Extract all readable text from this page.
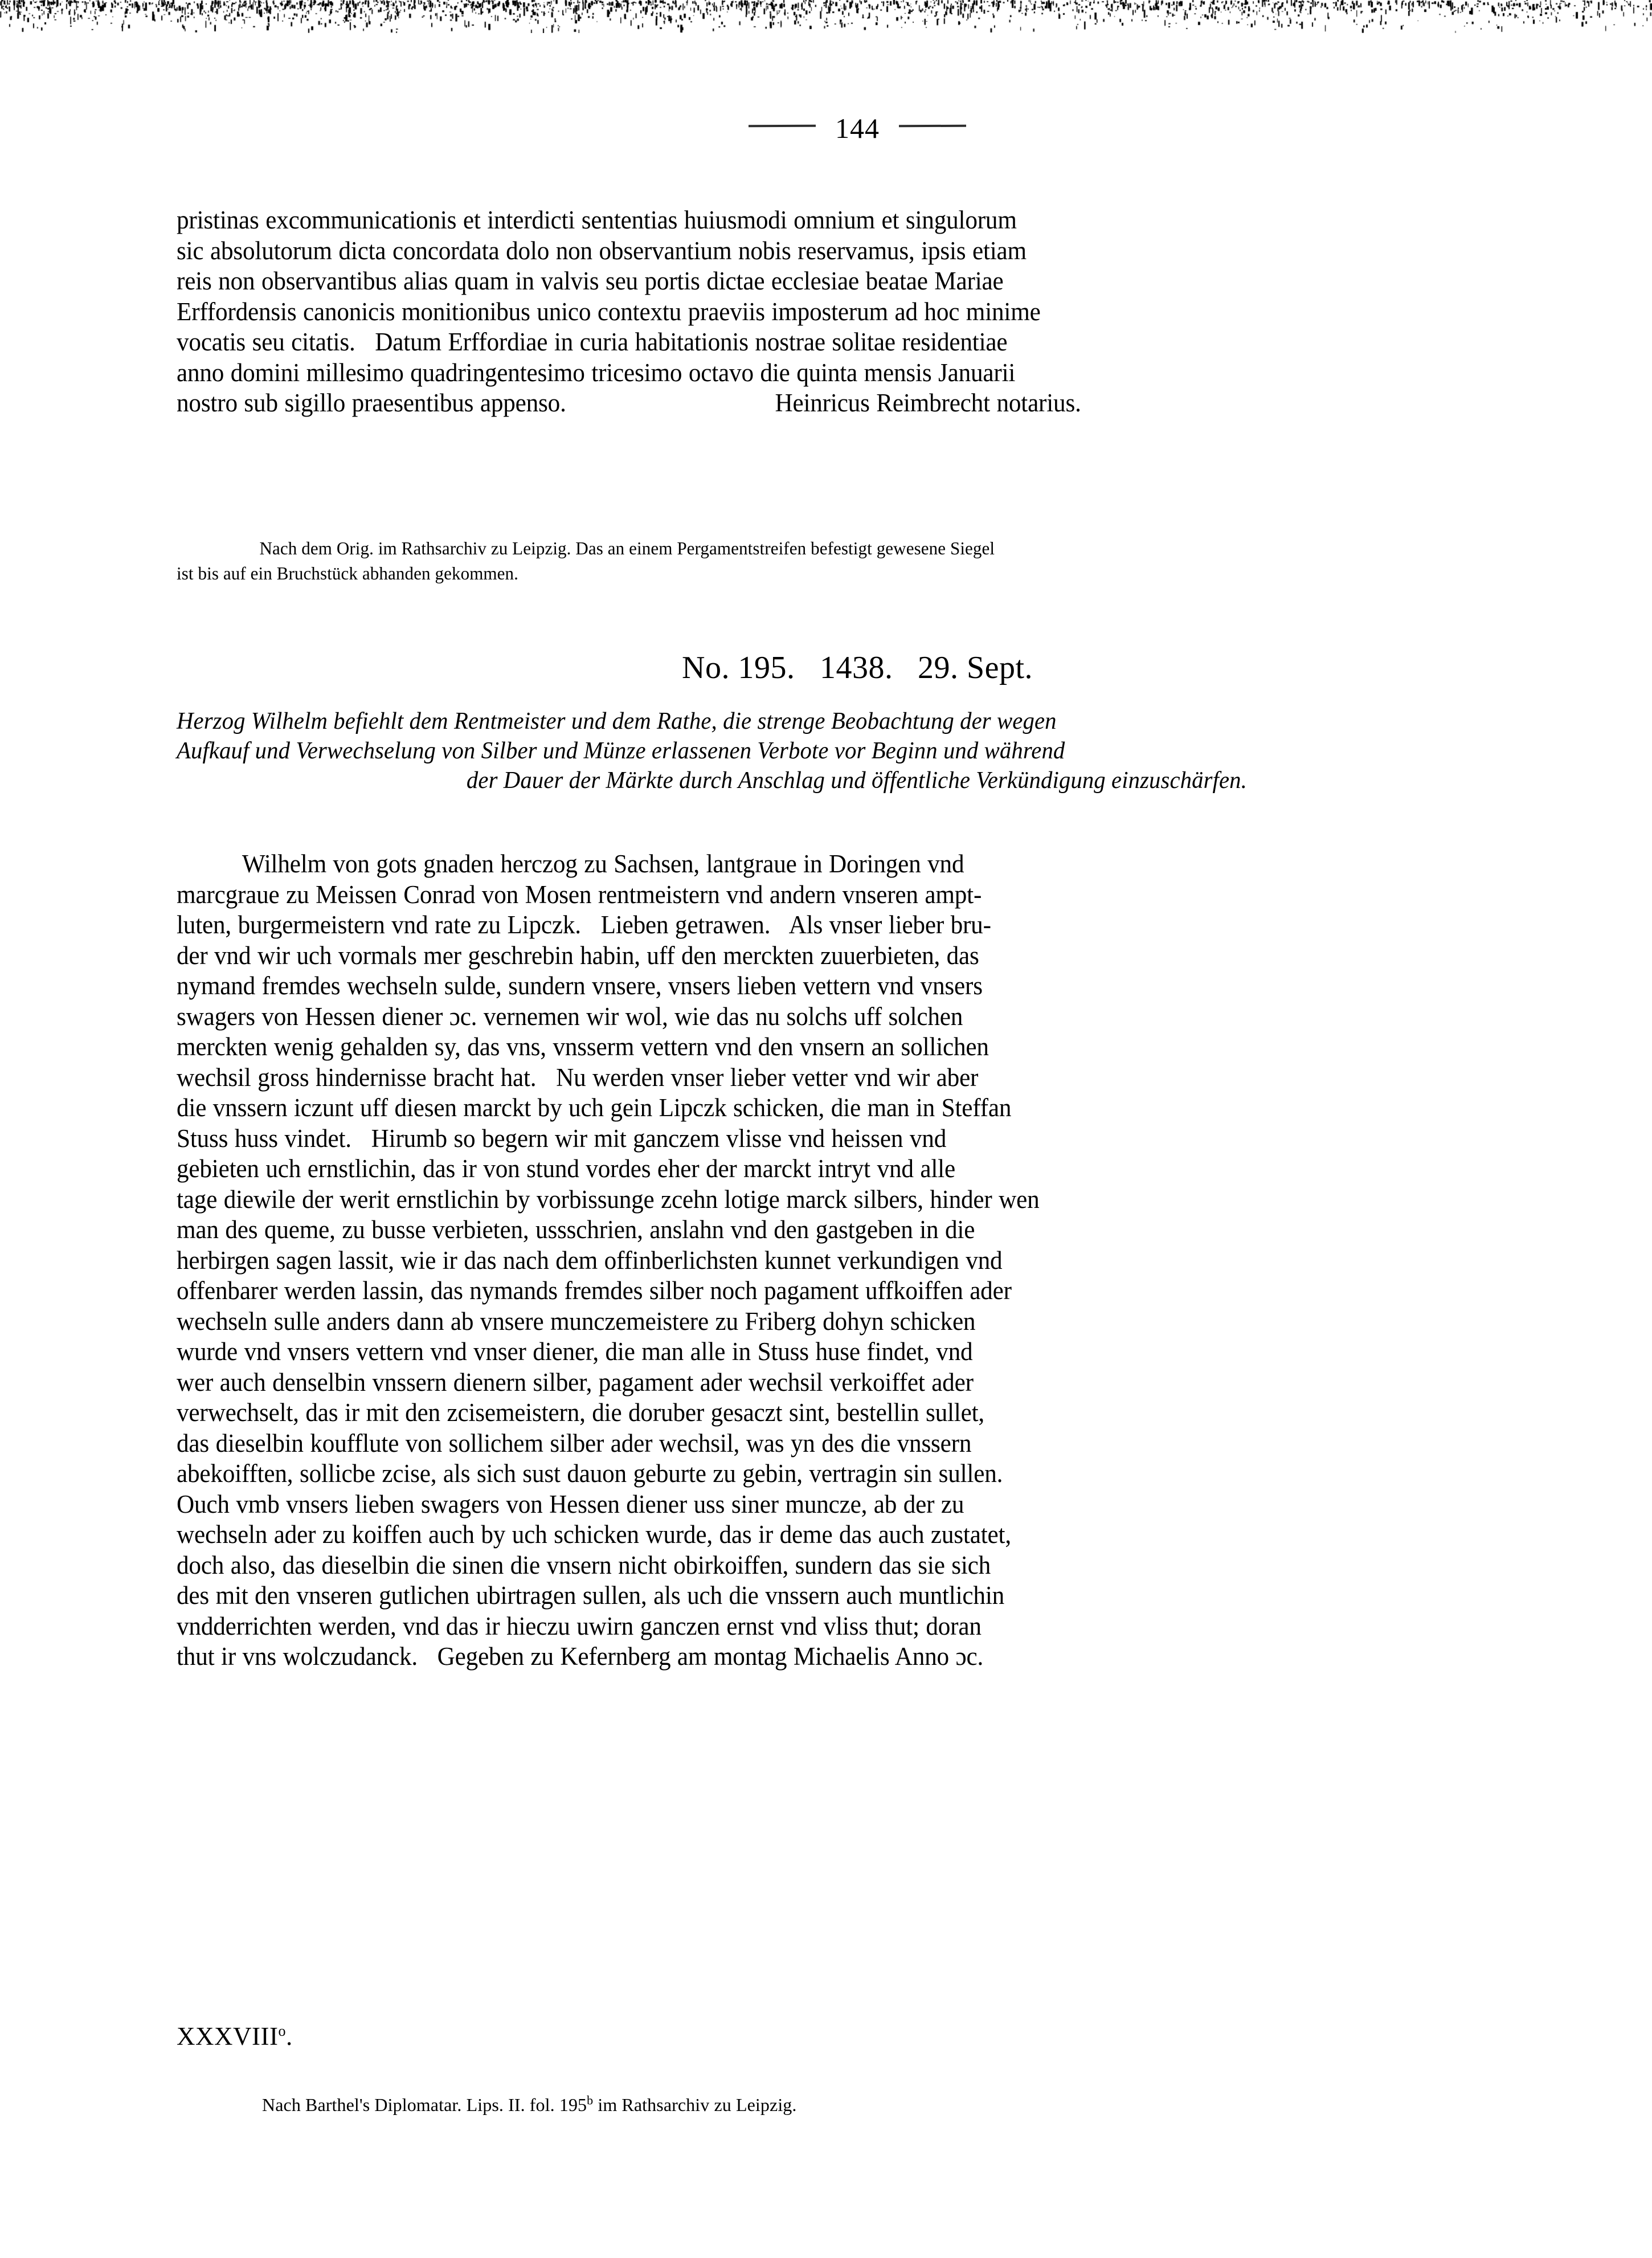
144
pristinas excommunicationis et interdicti sententias huiusmodi omnium et singulorum
sic absolutorum dicta concordata dolo non observantium nobis reservamus, ipsis etiam
reis non observantibus alias quam in valvis seu portis dictae ecclesiae beatae Mariae
Erffordensis canonicis monitionibus unico contextu praeviis imposterum ad hoc minime
vocatis seu citatis.   Datum Erffordiae in curia habitationis nostrae solitae residentiae
anno domini millesimo quadringentesimo tricesimo octavo die quinta mensis Januarii
nostro sub sigillo praesentibus appenso.	Heinricus Reimbrecht notarius.
Nach dem Orig. im Rathsarchiv zu Leipzig. Das an einem Pergamentstreifen befestigt gewesene Siegel
ist bis auf ein Bruchstück abhanden gekommen.
No. 195.   1438.   29. Sept.
Herzog Wilhelm befiehlt dem Rentmeister und dem Rathe, die strenge Beobachtung der wegen
Aufkauf und Verwechselung von Silber und Münze erlassenen Verbote vor Beginn und während
der Dauer der Märkte durch Anschlag und öffentliche Verkündigung einzuschärfen.
Wilhelm von gots gnaden herczog zu Sachsen, lantgraue in Doringen vnd
marcgraue zu Meissen Conrad von Mosen rentmeistern vnd andern vnseren ampt-
luten, burgermeistern vnd rate zu Lipczk.   Lieben getrawen.   Als vnser lieber bru-
der vnd wir uch vormals mer geschrebin habin, uff den merckten zuuerbieten, das
nymand fremdes wechseln sulde, sundern vnsere, vnsers lieben vettern vnd vnsers
swagers von Hessen diener ɔc. vernemen wir wol, wie das nu solchs uff solchen
merckten wenig gehalden sy, das vns, vnsserm vettern vnd den vnsern an sollichen
wechsil gross hindernisse bracht hat.   Nu werden vnser lieber vetter vnd wir aber
die vnssern iczunt uff diesen marckt by uch gein Lipczk schicken, die man in Steffan
Stuss huss vindet.   Hirumb so begern wir mit ganczem vlisse vnd heissen vnd
gebieten uch ernstlichin, das ir von stund vordes eher der marckt intryt vnd alle
tage diewile der werit ernstlichin by vorbissunge zcehn lotige marck silbers, hinder wen
man des queme, zu busse verbieten, ussschrien, anslahn vnd den gastgeben in die
herbirgen sagen lassit, wie ir das nach dem offinberlichsten kunnet verkundigen vnd
offenbarer werden lassin, das nymands fremdes silber noch pagament uffkoiffen ader
wechseln sulle anders dann ab vnsere munczemeistere zu Friberg dohyn schicken
wurde vnd vnsers vettern vnd vnser diener, die man alle in Stuss huse findet, vnd
wer auch denselbin vnssern dienern silber, pagament ader wechsil verkoiffet ader
verwechselt, das ir mit den zcisemeistern, die doruber gesaczt sint, bestellin sullet,
das dieselbin koufflute von sollichem silber ader wechsil, was yn des die vnssern
abekoifften, sollicbe zcise, als sich sust dauon geburte zu gebin, vertragin sin sullen.
Ouch vmb vnsers lieben swagers von Hessen diener uss siner muncze, ab der zu
wechseln ader zu koiffen auch by uch schicken wurde, das ir deme das auch zustatet,
doch also, das dieselbin die sinen die vnsern nicht obirkoiffen, sundern das sie sich
des mit den vnseren gutlichen ubirtragen sullen, als uch die vnssern auch muntlichin
vndderrichten werden, vnd das ir hieczu uwirn ganczen ernst vnd vliss thut; doran
thut ir vns wolczudanck.   Gegeben zu Kefernberg am montag Michaelis Anno ɔc.
XXXVIII$^o$.
Nach Barthel's Diplomatar. Lips. II. fol. 195$^b$ im Rathsarchiv zu Leipzig.
